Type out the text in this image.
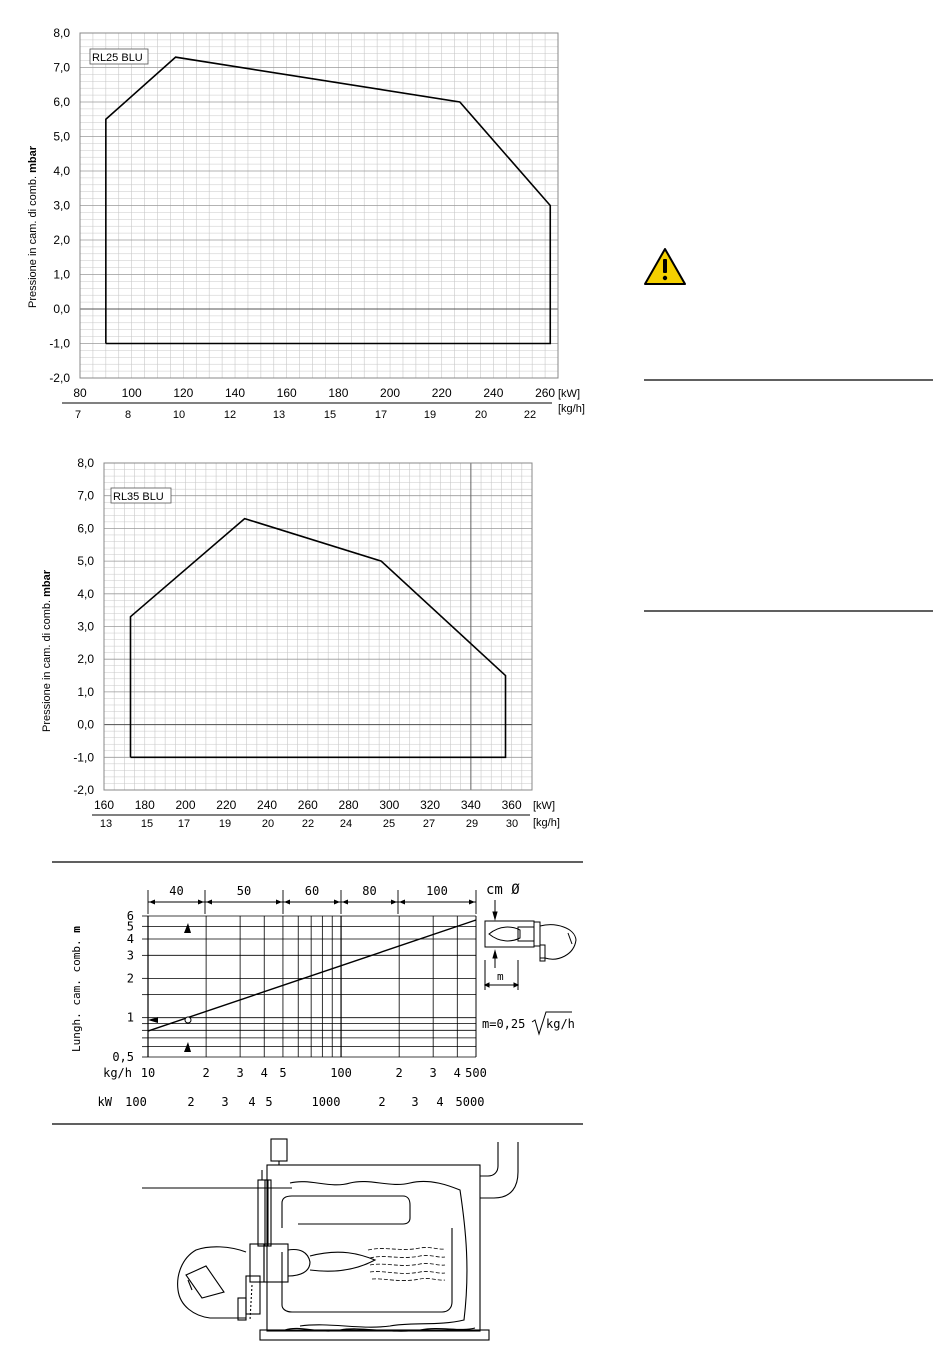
RL25 BLU
8,0
7,0
6,0
5,0
4,0
3,0
2,0
1,0
0,0
-1,0
-2,0
80	100	120	140	160	180	200	220	240	260
7	8	10	12	13	15	17	19	20	22
[kW]
[kg/h]
Pressione in cam. di comb. mbar
RL35 BLU
8,0
7,0
6,0
5,0
4,0
3,0
2,0
1,0
0,0
-1,0
-2,0
160 180 200 220 240 260 280 300 320 340 360
13	15 17	19	20	22 24	25	27	29	30
[kW]
[kg/h]
Pressione in cam. di comb. mbar
40	50	60	80	100	cm Ø
6
5
4
3
2
1
0,5
kg/h 10	2 3 4 5	100	2 3 4 500
kW 100	2 3 4 5	1000	2 3 4 5000
Lungh. cam. comb. m
m
m=0,25 kg/h
